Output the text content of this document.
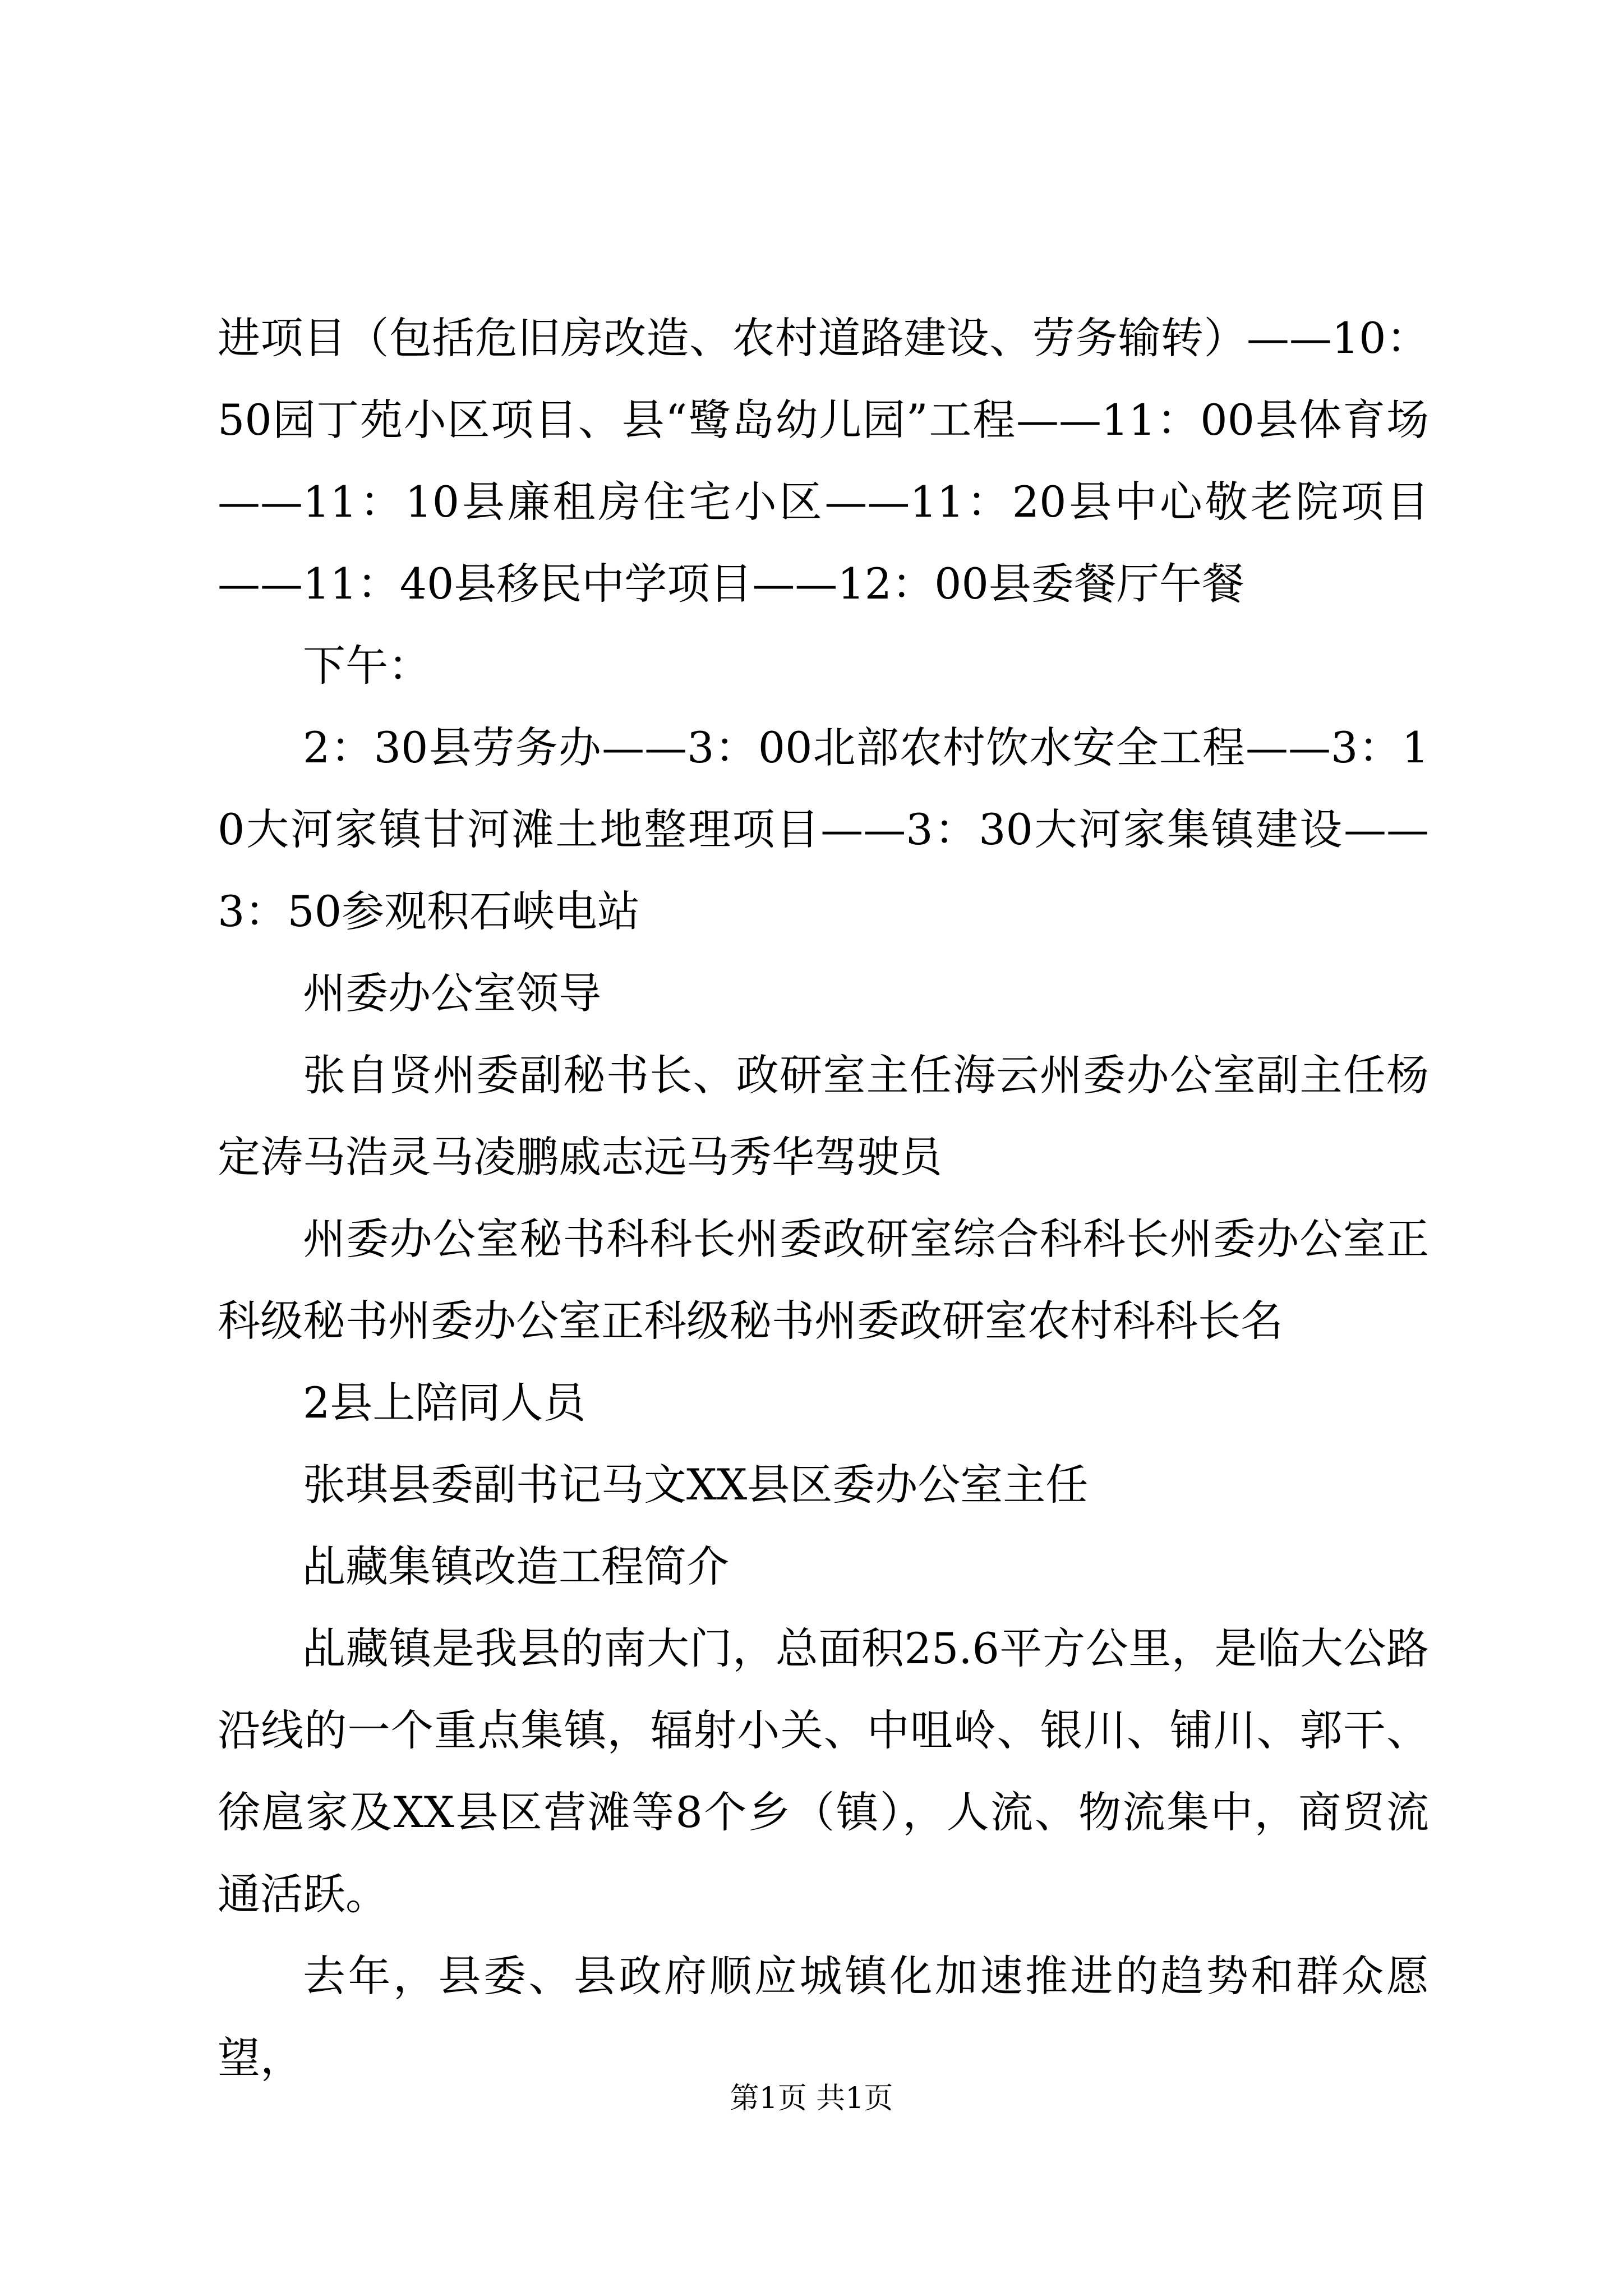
进项目（包括危旧房改造、农村道路建设、劳务输转）——10：50园丁苑小区项目、县“鹭岛幼儿园”工程——11：00县体育场——11：10县廉租房住宅小区——11：20县中心敬老院项目——11：40县移民中学项目——12：00县委餐厅午餐

下午：

2：30县劳务办——3：00北部农村饮水安全工程——3：10大河家镇甘河滩土地整理项目——3：30大河家集镇建设——3：50参观积石峡电站

州委办公室领导

张自贤州委副秘书长、政研室主任海云州委办公室副主任杨定涛马浩灵马凌鹏戚志远马秀华驾驶员

州委办公室秘书科科长州委政研室综合科科长州委办公室正科级秘书州委办公室正科级秘书州委政研室农村科科长名

2县上陪同人员

张琪县委副书记马文XX县区委办公室主任

乩藏集镇改造工程简介

乩藏镇是我县的南大门，总面积25.6平方公里，是临大公路沿线的一个重点集镇，辐射小关、中咀岭、银川、铺川、郭干、徐扈家及XX县区营滩等8个乡（镇），人流、物流集中，商贸流通活跃。

去年，县委、县政府顺应城镇化加速推进的趋势和群众愿望，

第1页 共1页
